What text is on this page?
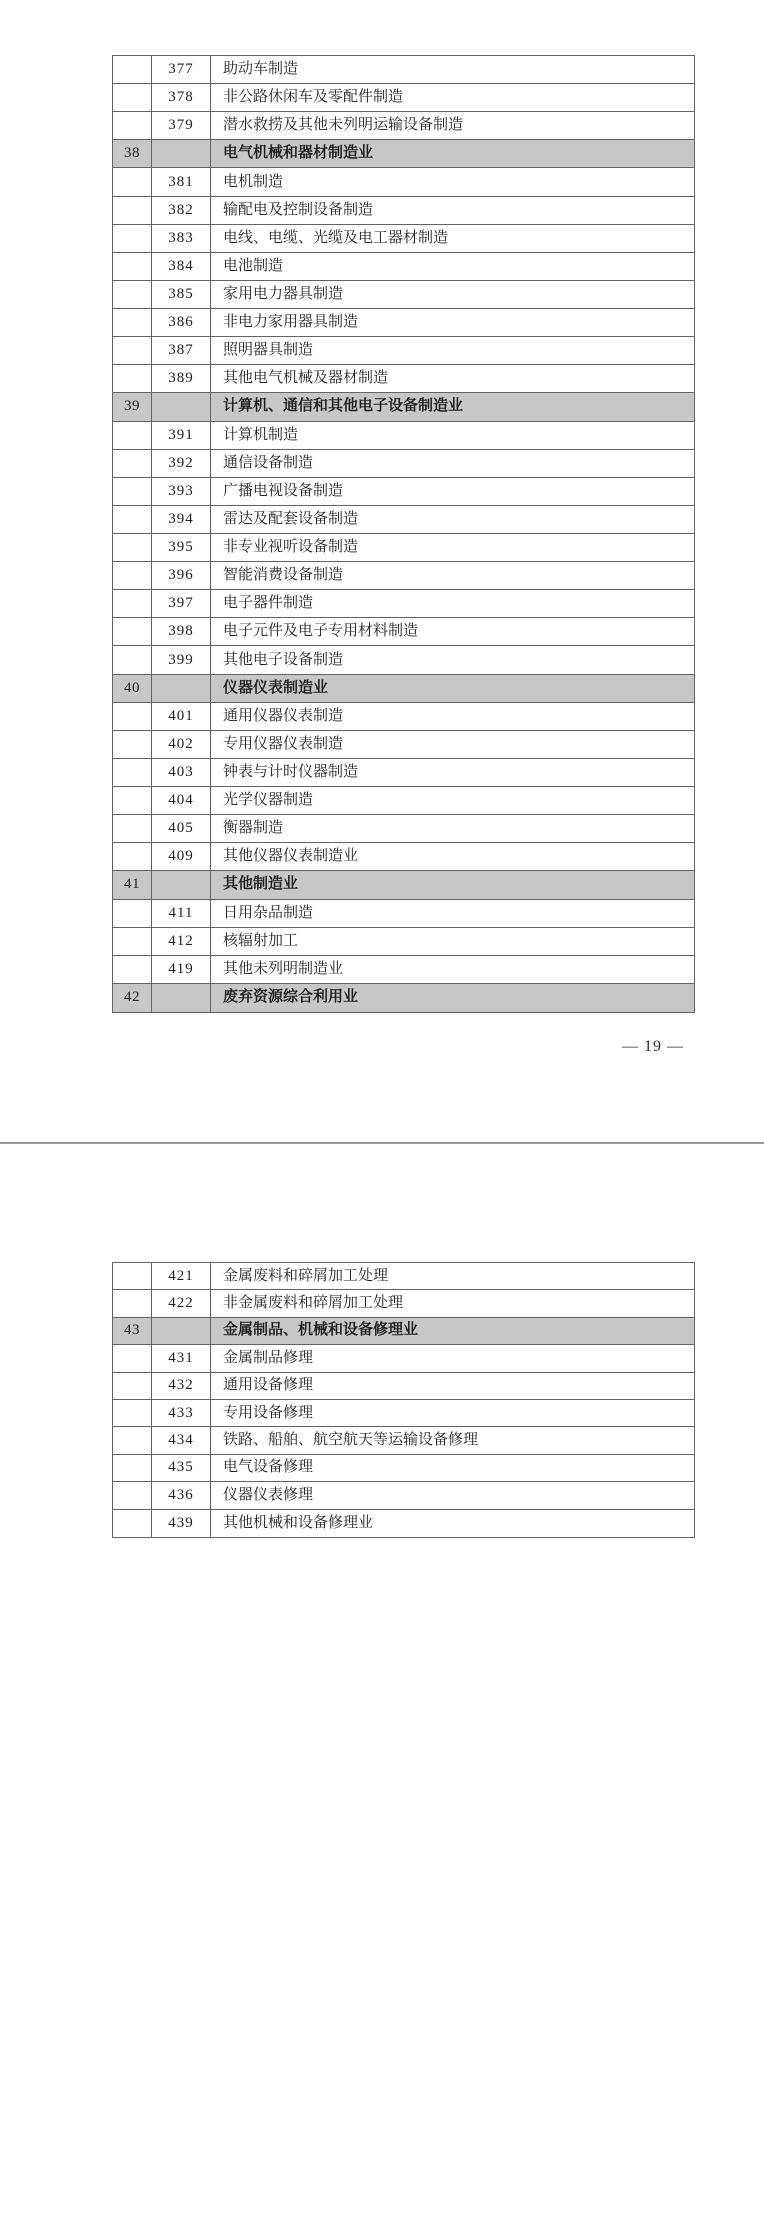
377	助动车制造
378	非公路休闲车及零配件制造
379	潜水救捞及其他未列明运输设备制造
38	电气机械和器材制造业
381	电机制造
382	输配电及控制设备制造
383	电线、电缆、光缆及电工器材制造
384	电池制造
385	家用电力器具制造
386	非电力家用器具制造
387	照明器具制造
389	其他电气机械及器材制造
39	计算机、通信和其他电子设备制造业
391	计算机制造
392	通信设备制造
393	广播电视设备制造
394	雷达及配套设备制造
395	非专业视听设备制造
396	智能消费设备制造
397	电子器件制造
398	电子元件及电子专用材料制造
399	其他电子设备制造
40	仪器仪表制造业
401	通用仪器仪表制造
402	专用仪器仪表制造
403	钟表与计时仪器制造
404	光学仪器制造
405	衡器制造
409	其他仪器仪表制造业
41	其他制造业
411	日用杂品制造
412	核辐射加工
419	其他未列明制造业
42	废弃资源综合利用业
— 19 —
421	金属废料和碎屑加工处理
422	非金属废料和碎屑加工处理
43	金属制品、机械和设备修理业
431	金属制品修理
432	通用设备修理
433	专用设备修理
434	铁路、船舶、航空航天等运输设备修理
435	电气设备修理
436	仪器仪表修理
439	其他机械和设备修理业
